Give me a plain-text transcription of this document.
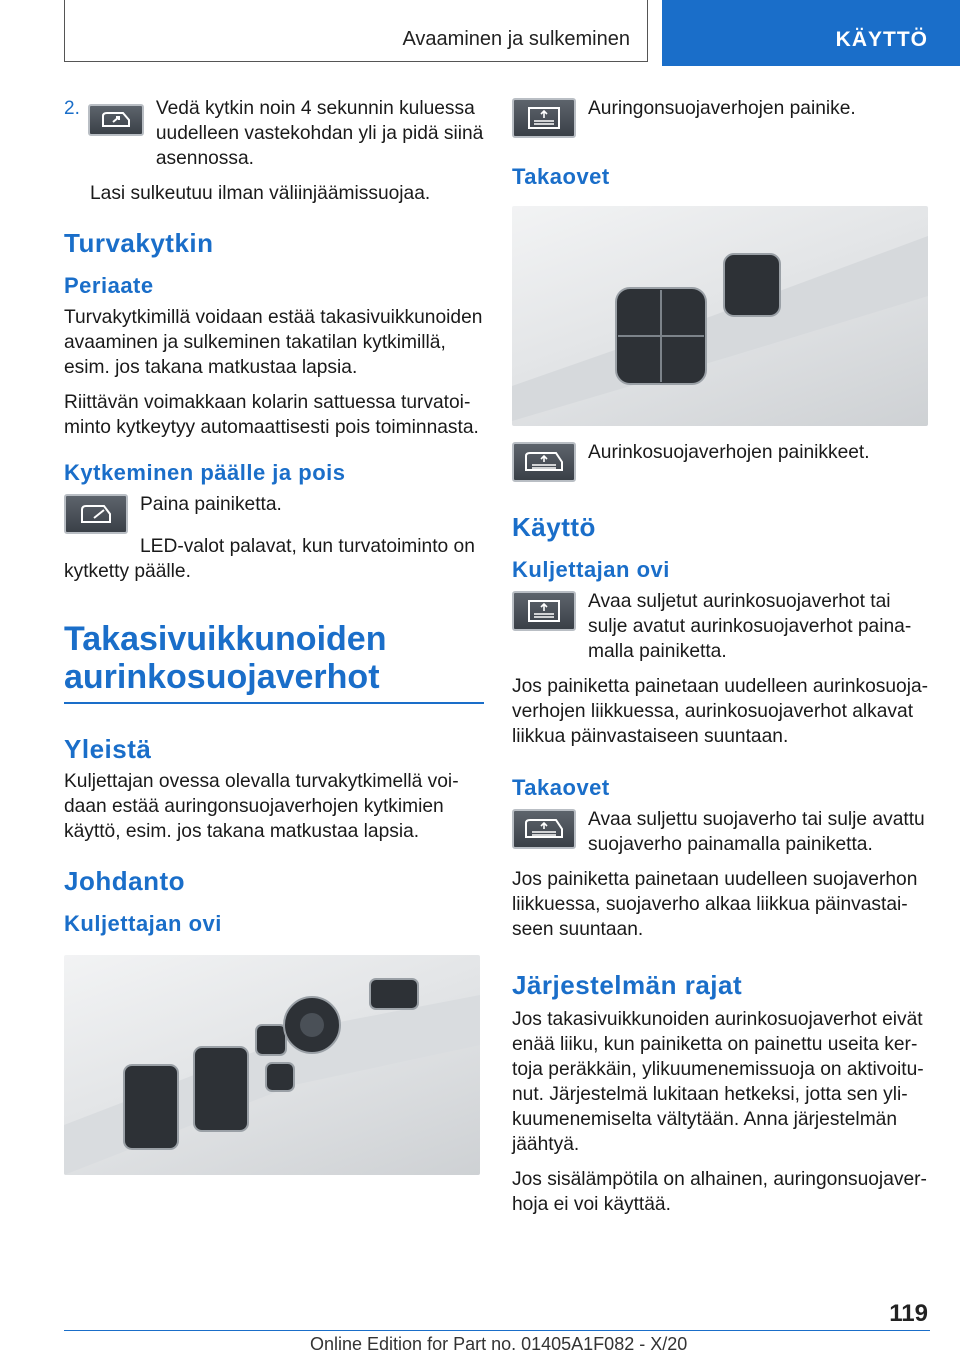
Avaaminen ja sulkeminen	KÄYTTÖ
2.	Vedä kytkin noin 4 sekunnin kuluessa uudelleen vastekohdan yli ja pidä siinä asennossa.

Lasi sulkeutuu ilman väliinjäämissuojaa.

Turvakytkin
Periaate

Turvakytkimillä voidaan estää takasivuikkunoiden avaaminen ja sulkeminen takatilan kytkimillä, esim. jos takana matkustaa lapsia.

Riittävän voimakkaan kolarin sattuessa turvatoiminto kytkeytyy automaattisesti pois toiminnasta.

Kytkeminen päälle ja pois

Paina painiketta.

LED-valot palavat, kun turvatoiminto on kytketty päälle.

Takasivuikkunoiden aurinkosuojaverhot
Yleistä

Kuljettajan ovessa olevalla turvakytkimellä voidaan estää auringonsuojaverhojen kytkimien käyttö, esim. jos takana matkustaa lapsia.

Johdanto
Kuljettajan ovi

Auringonsuojaverhojen painike.

Takaovet

Aurinkosuojaverhojen painikkeet.

Käyttö
Kuljettajan ovi

Avaa suljetut aurinkosuojaverhot tai sulje avatut aurinkosuojaverhot painamalla painiketta.

Jos painiketta painetaan uudelleen aurinkosuojaverhojen liikkuessa, aurinkosuojaverhot alkavat liikkua päinvastaiseen suuntaan.

Takaovet

Avaa suljettu suojaverho tai sulje avattu suojaverho painamalla painiketta.

Jos painiketta painetaan uudelleen suojaverhon liikkuessa, suojaverho alkaa liikkua päinvastaiseen suuntaan.

Järjestelmän rajat

Jos takasivuikkunoiden aurinkosuojaverhot eivät enää liiku, kun painiketta on painettu useita kertoja peräkkäin, ylikuumenemissuoja on aktivoitunut. Järjestelmä lukitaan hetkeksi, jotta sen ylikuumenemiselta vältytään. Anna järjestelmän jäähtyä.

Jos sisälämpötila on alhainen, auringonsuojaverhoja ei voi käyttää.

119
Online Edition for Part no. 01405A1F082 - X/20
